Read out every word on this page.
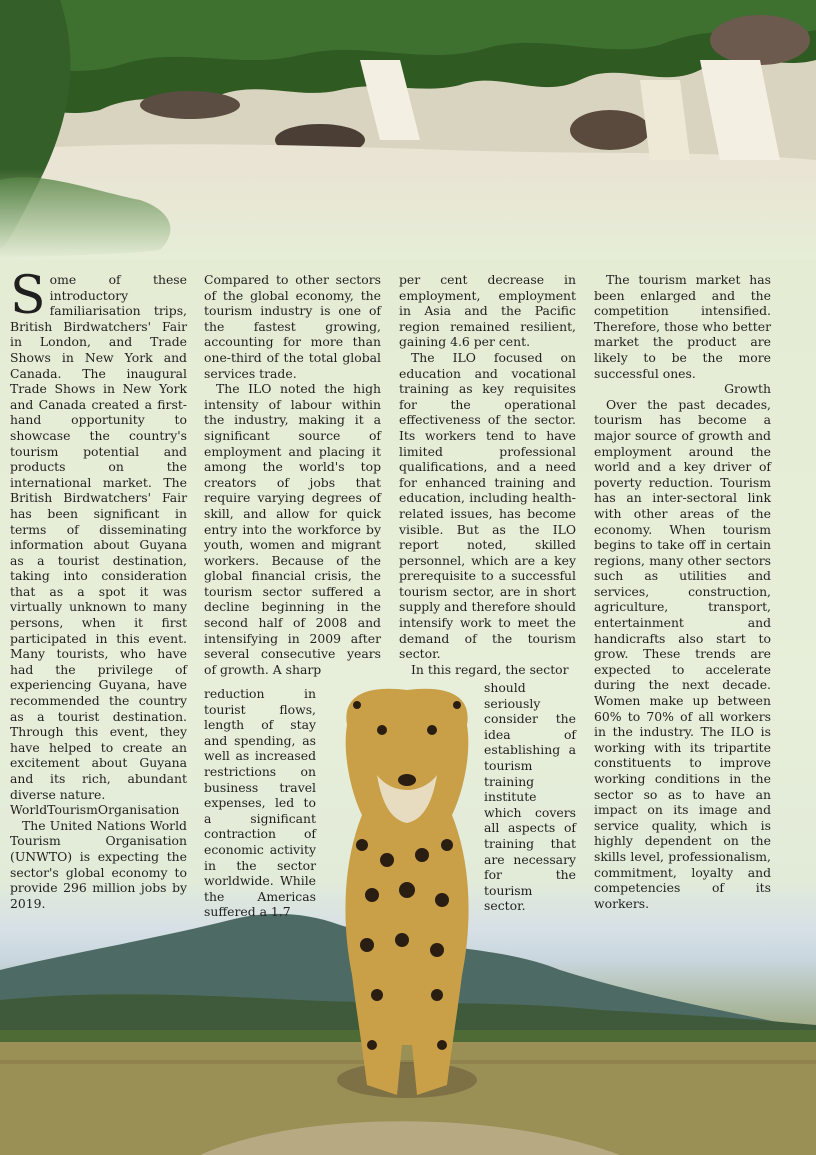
S ome of these introductory familiarisation trips, British Birdwatchers' Fair in London, and Trade Shows in New York and Canada. The inaugural Trade Shows in New York and Canada created a first-hand opportunity to showcase the country's tourism potential and products on the international market. The British Birdwatchers' Fair has been significant in terms of disseminating information about Guyana as a tourist destination, taking into consideration that as a spot it was virtually unknown to many persons, when it first participated in this event. Many tourists, who have had the privilege of experiencing Guyana, have recommended the country as a tourist destination. Through this event, they have helped to create an excitement about Guyana and its rich, abundant diverse nature.

WorldTourismOrganisation

The United Nations World Tourism Organisation (UNWTO) is expecting the sector's global economy to provide 296 million jobs by 2019.

Compared to other sectors of the global economy, the tourism industry is one of the fastest growing, accounting for more than one-third of the total global services trade.

The ILO noted the high intensity of labour within the industry, making it a significant source of employment and placing it among the world's top creators of jobs that require varying degrees of skill, and allow for quick entry into the workforce by youth, women and migrant workers. Because of the global financial crisis, the tourism sector suffered a decline beginning in the second half of 2008 and intensifying in 2009 after several consecutive years of growth. A sharp

reduction in tourist flows, length of stay and spending, as well as increased restrictions on business travel expenses, led to a significant contraction of economic activity in the sector worldwide. While the Americas suffered a 1.7

per cent decrease in employment, employment in Asia and the Pacific region remained resilient, gaining 4.6 per cent.

The ILO focused on education and vocational training as key requisites for the operational effectiveness of the sector. Its workers tend to have limited professional qualifications, and a need for enhanced training and education, including health-related issues, has become visible. But as the ILO report noted, skilled personnel, which are a key prerequisite to a successful tourism sector, are in short supply and therefore should intensify work to meet the demand of the tourism sector.

In this regard, the sector

should seriously consider the idea of establishing a tourism training institute which covers all aspects of training that are necessary for the tourism sector.

The tourism market has been enlarged and the competition intensified. Therefore, those who better market the product are likely to be the more successful ones.

Growth

Over the past decades, tourism has become a major source of growth and employment around the world and a key driver of poverty reduction. Tourism has an inter-sectoral link with other areas of the economy. When tourism begins to take off in certain regions, many other sectors such as utilities and services, construction, agriculture, transport, entertainment and handicrafts also start to grow. These trends are expected to accelerate during the next decade. Women make up between 60% to 70% of all workers in the industry. The ILO is working with its tripartite constituents to improve working conditions in the sector so as to have an impact on its image and service quality, which is highly dependent on the skills level, professionalism, commitment, loyalty and competencies of its workers.
